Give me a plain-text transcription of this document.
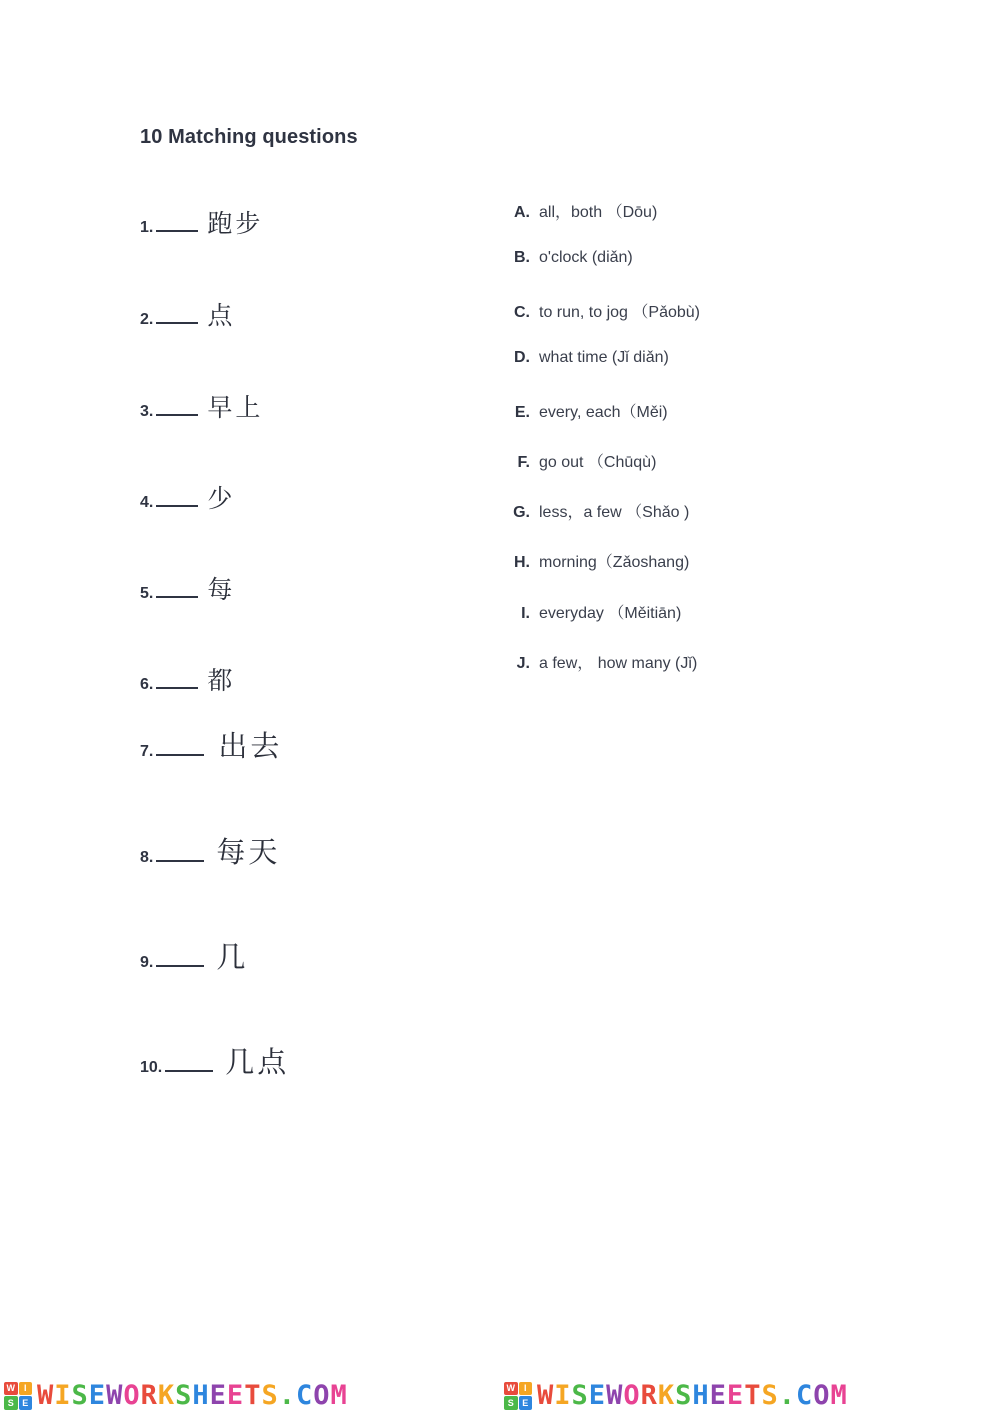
10 Matching questions
1. 跑步
2. 点
3. 早上
4. 少
5. 每
6. 都
7. 出去
8. 每天
9. 几
10. 几点
A. all，both （Dōu)
B. o'clock (diǎn)
C. to run, to jog （Pǎobù)
D. what time (Jǐ diǎn)
E. every, each（Měi)
F. go out （Chūqù)
G. less，a few （Shǎo )
H. morning（Zǎoshang)
I. everyday （Měitiān)
J. a few， how many (Jǐ)
W I
S E WISEWORKSHEETS.COM	W I
S E WISEWORKSHEETS.COM
